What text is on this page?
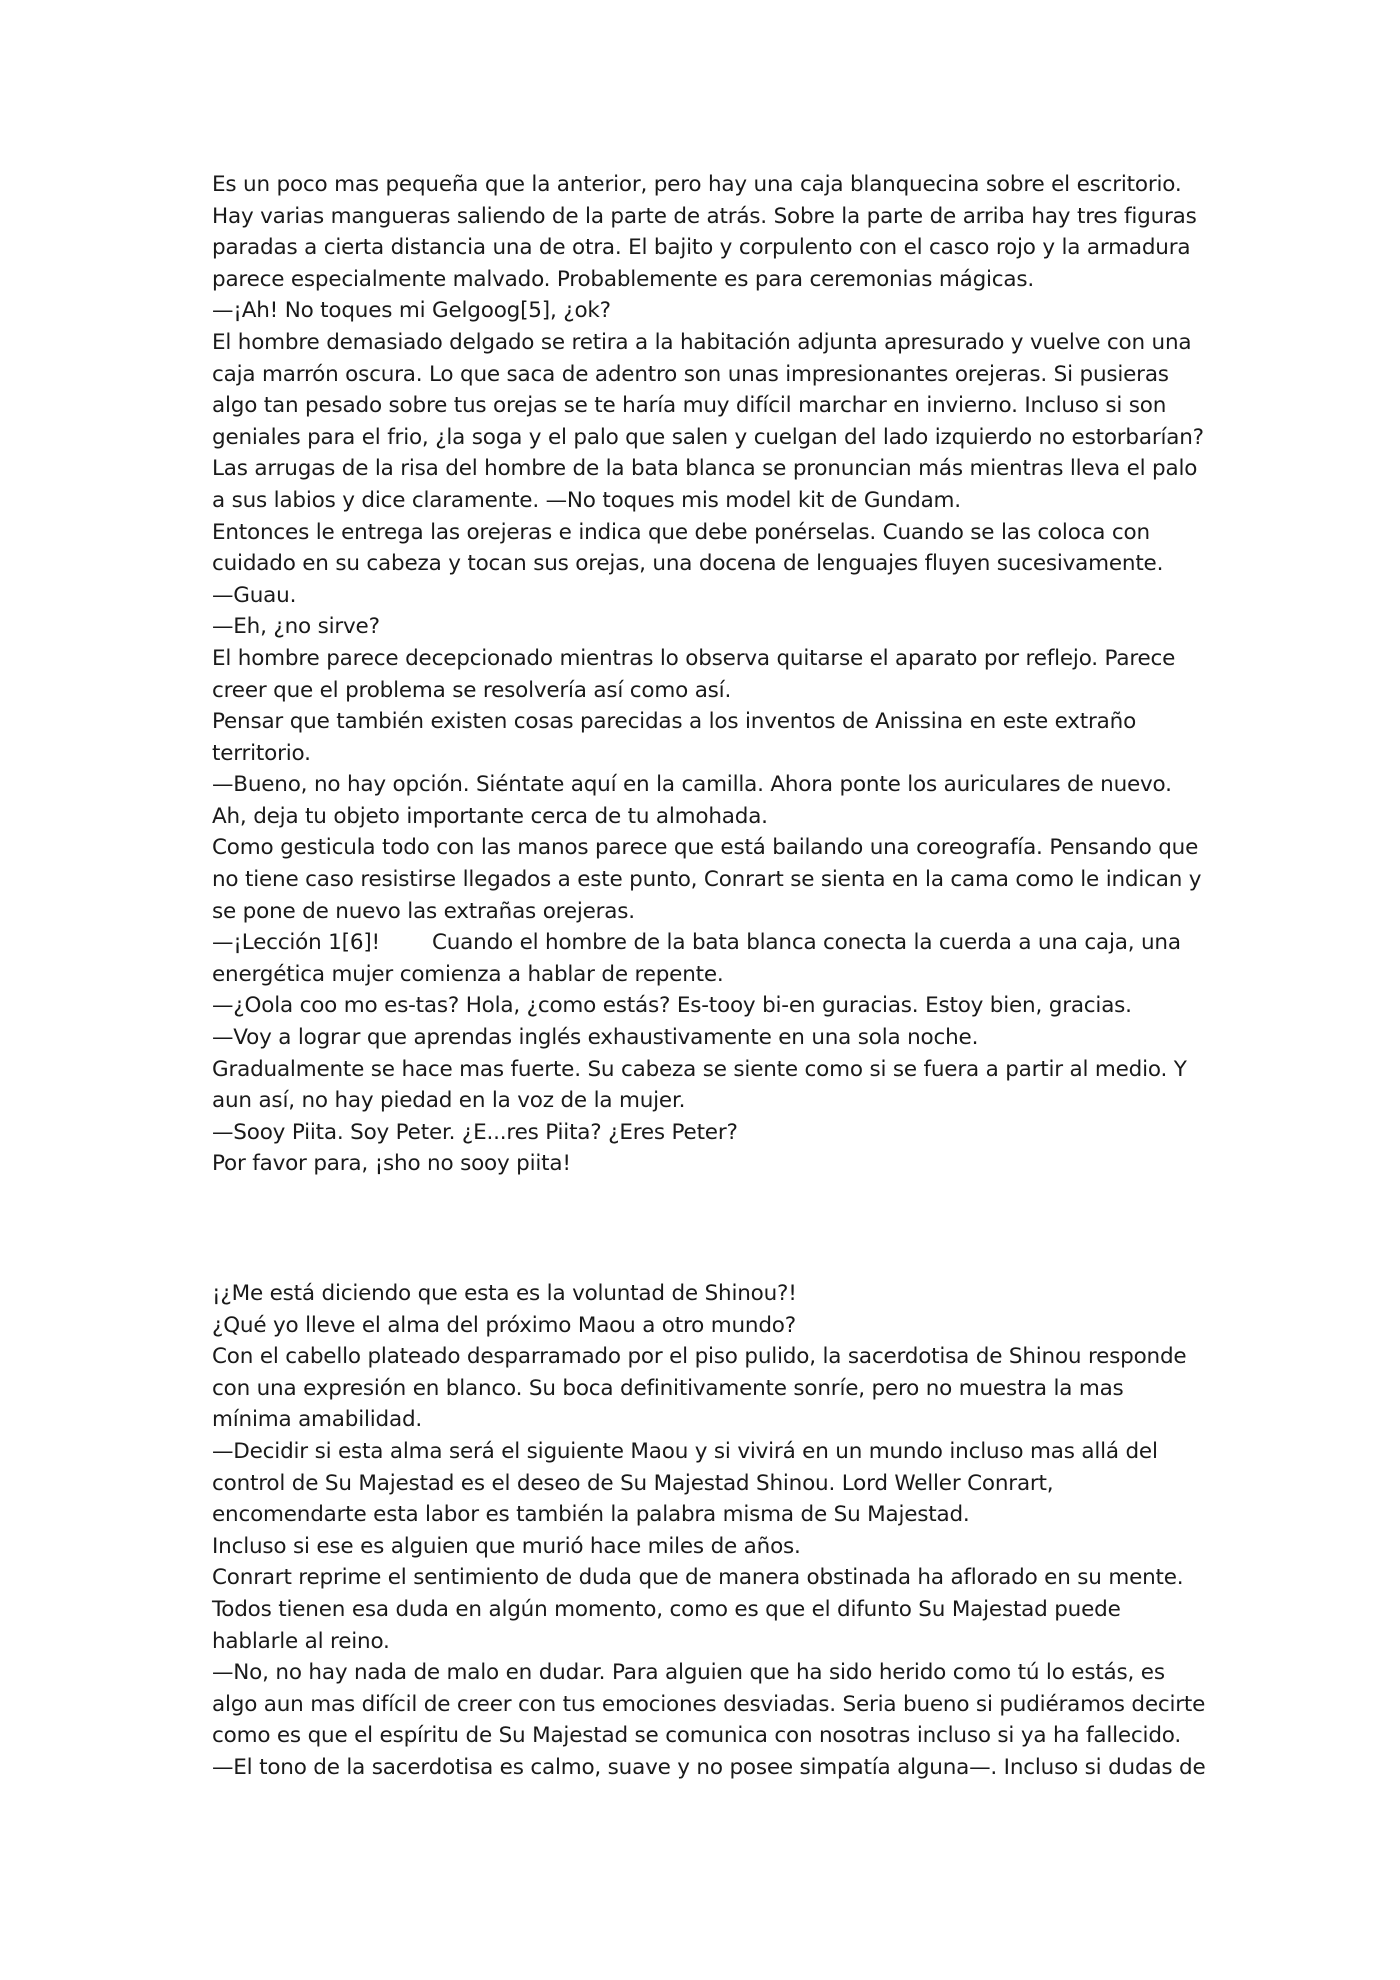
Es un poco mas pequeña que la anterior, pero hay una caja blanquecina sobre el escritorio.
Hay varias mangueras saliendo de la parte de atrás. Sobre la parte de arriba hay tres figuras
paradas a cierta distancia una de otra. El bajito y corpulento con el casco rojo y la armadura
parece especialmente malvado. Probablemente es para ceremonias mágicas.
—¡Ah! No toques mi Gelgoog[5], ¿ok?
El hombre demasiado delgado se retira a la habitación adjunta apresurado y vuelve con una
caja marrón oscura. Lo que saca de adentro son unas impresionantes orejeras. Si pusieras
algo tan pesado sobre tus orejas se te haría muy difícil marchar en invierno. Incluso si son
geniales para el frio, ¿la soga y el palo que salen y cuelgan del lado izquierdo no estorbarían?
Las arrugas de la risa del hombre de la bata blanca se pronuncian más mientras lleva el palo
a sus labios y dice claramente. —No toques mis model kit de Gundam.
Entonces le entrega las orejeras e indica que debe ponérselas. Cuando se las coloca con
cuidado en su cabeza y tocan sus orejas, una docena de lenguajes fluyen sucesivamente.
—Guau.
—Eh, ¿no sirve?
El hombre parece decepcionado mientras lo observa quitarse el aparato por reflejo. Parece
creer que el problema se resolvería así como así.
Pensar que también existen cosas parecidas a los inventos de Anissina en este extraño
territorio.
—Bueno, no hay opción. Siéntate aquí en la camilla. Ahora ponte los auriculares de nuevo.
Ah, deja tu objeto importante cerca de tu almohada.
Como gesticula todo con las manos parece que está bailando una coreografía. Pensando que
no tiene caso resistirse llegados a este punto, Conrart se sienta en la cama como le indican y
se pone de nuevo las extrañas orejeras.
—¡Lección 1[6]! Cuando el hombre de la bata blanca conecta la cuerda a una caja, una
energética mujer comienza a hablar de repente.
—¿Oola coo mo es-tas? Hola, ¿como estás? Es-tooy bi-en guracias. Estoy bien, gracias.
—Voy a lograr que aprendas inglés exhaustivamente en una sola noche.
Gradualmente se hace mas fuerte. Su cabeza se siente como si se fuera a partir al medio. Y
aun así, no hay piedad en la voz de la mujer.
—Sooy Piita. Soy Peter. ¿E...res Piita? ¿Eres Peter?
Por favor para, ¡sho no sooy piita!
¡¿Me está diciendo que esta es la voluntad de Shinou?!
¿Qué yo lleve el alma del próximo Maou a otro mundo?
Con el cabello plateado desparramado por el piso pulido, la sacerdotisa de Shinou responde
con una expresión en blanco. Su boca definitivamente sonríe, pero no muestra la mas
mínima amabilidad.
—Decidir si esta alma será el siguiente Maou y si vivirá en un mundo incluso mas allá del
control de Su Majestad es el deseo de Su Majestad Shinou. Lord Weller Conrart,
encomendarte esta labor es también la palabra misma de Su Majestad.
Incluso si ese es alguien que murió hace miles de años.
Conrart reprime el sentimiento de duda que de manera obstinada ha aflorado en su mente.
Todos tienen esa duda en algún momento, como es que el difunto Su Majestad puede
hablarle al reino.
—No, no hay nada de malo en dudar. Para alguien que ha sido herido como tú lo estás, es
algo aun mas difícil de creer con tus emociones desviadas. Seria bueno si pudiéramos decirte
como es que el espíritu de Su Majestad se comunica con nosotras incluso si ya ha fallecido.
—El tono de la sacerdotisa es calmo, suave y no posee simpatía alguna—. Incluso si dudas de
